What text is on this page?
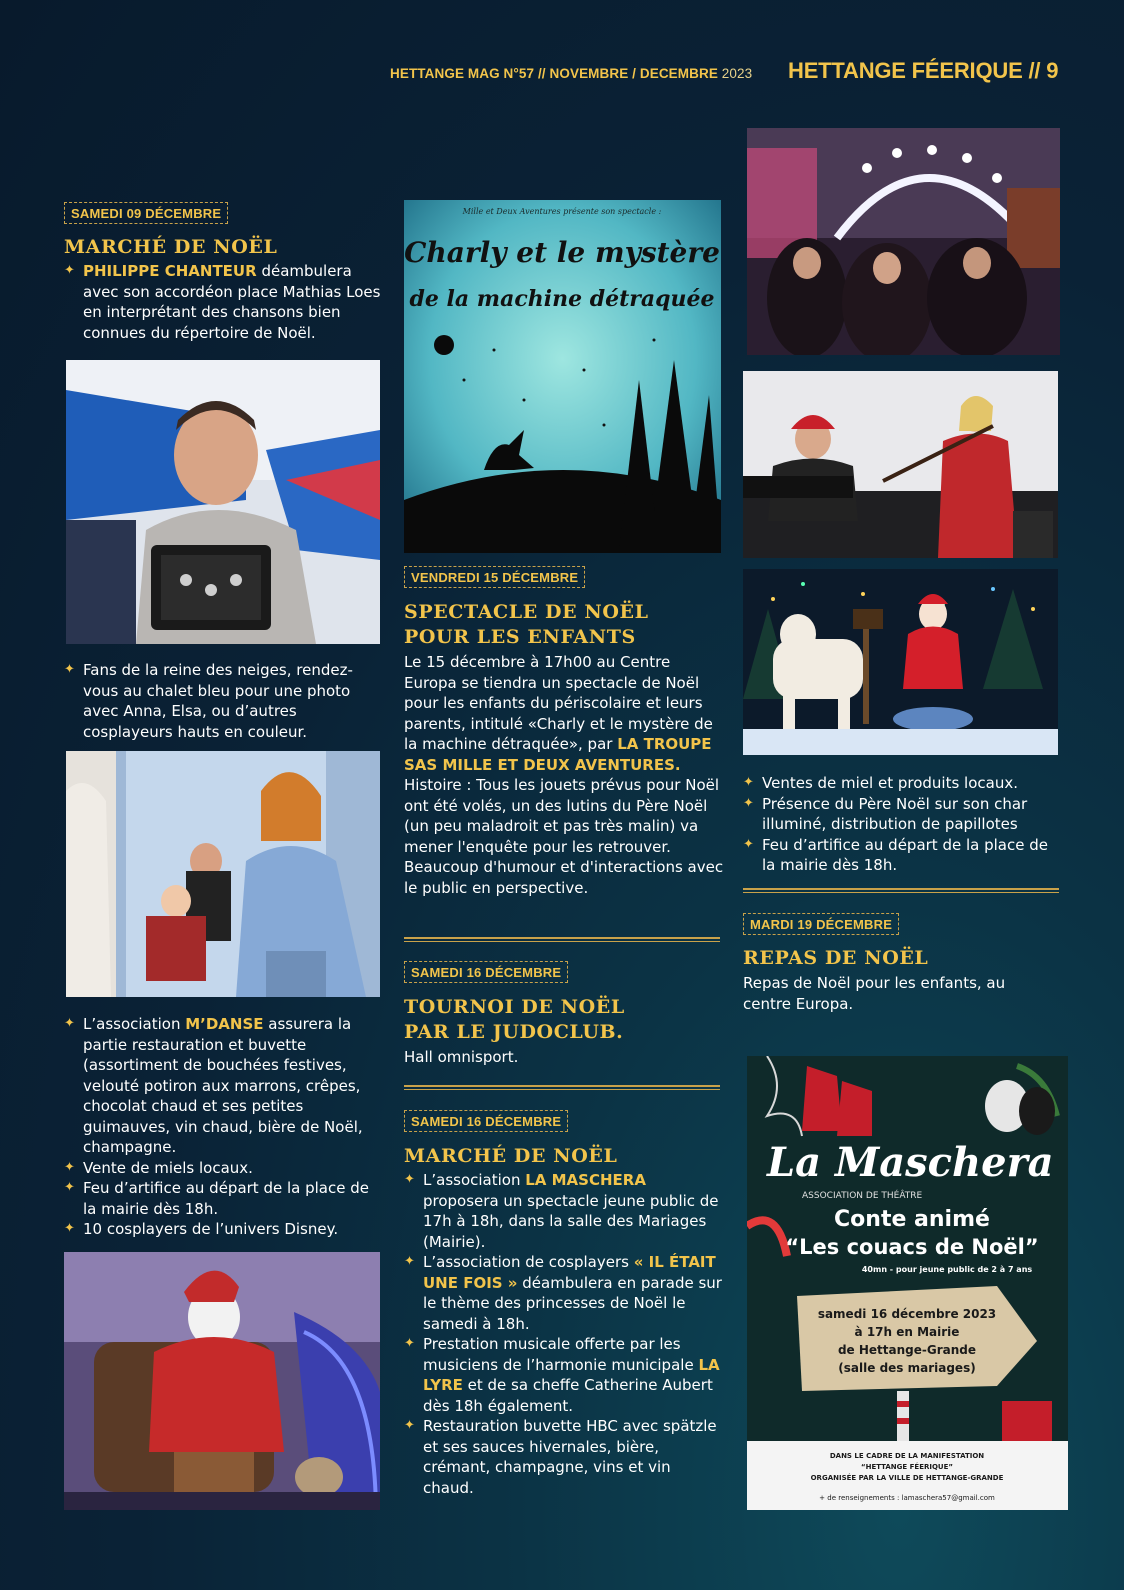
HETTANGE MAG N°57 // NOVEMBRE / DECEMBRE 2023 HETTANGE FÉERIQUE // 9
SAMEDI 09 DÉCEMBRE
MARCHÉ DE NOËL
✦ PHILIPPE CHANTEUR déambulera avec son accordéon place Mathias Loes en interprétant des chansons bien connues du répertoire de Noël.
✦ Fans de la reine des neiges, rendez-vous au chalet bleu pour une photo avec Anna, Elsa, ou d’autres cosplayeurs hauts en couleur.
✦ L’association M’DANSE assurera la partie restauration et buvette (assortiment de bouchées festives, velouté potiron aux marrons, crêpes, chocolat chaud et ses petites guimauves, vin chaud, bière de Noël, champagne.
✦ Vente de miels locaux.
✦ Feu d’artifice au départ de la place de la mairie dès 18h.
✦ 10 cosplayers de l’univers Disney.
Mille et Deux Aventures présente son spectacle :
Charly et le mystère
de la machine détraquée
VENDREDI 15 DÉCEMBRE
SPECTACLE DE NOËL POUR LES ENFANTS

Le 15 décembre à 17h00 au Centre Europa se tiendra un spectacle de Noël pour les enfants du périscolaire et leurs parents, intitulé «Charly et le mystère de la machine détraquée», par LA TROUPE SAS MILLE ET DEUX AVENTURES. Histoire : Tous les jouets prévus pour Noël ont été volés, un des lutins du Père Noël (un peu maladroit et pas très malin) va mener l'enquête pour les retrouver. Beaucoup d'humour et d'interactions avec le public en perspective.

SAMEDI 16 DÉCEMBRE
TOURNOI DE NOËL PAR LE JUDOCLUB.

Hall omnisport.

SAMEDI 16 DÉCEMBRE
MARCHÉ DE NOËL
✦ L’association LA MASCHERA proposera un spectacle jeune public de 17h à 18h, dans la salle des Mariages (Mairie).
✦ L’association de cosplayers « IL ÉTAIT UNE FOIS » déambulera en parade sur le thème des princesses de Noël le samedi à 18h.
✦ Prestation musicale offerte par les musiciens de l’harmonie municipale LA LYRE et de sa cheffe Catherine Aubert dès 18h également.
✦ Restauration buvette HBC avec spätzle et ses sauces hivernales, bière, crémant, champagne, vins et vin chaud.
✦ Ventes de miel et produits locaux.
✦ Présence du Père Noël sur son char illuminé, distribution de papillotes
✦ Feu d’artifice au départ de la place de la mairie dès 18h.
MARDI 19 DÉCEMBRE
REPAS DE NOËL

Repas de Noël pour les enfants, au centre Europa.

La Maschera
ASSOCIATION DE THÉÂTRE
Conte animé
“Les couacs de Noël”
40mn - pour jeune public de 2 à 7 ans
samedi 16 décembre 2023
à 17h en Mairie
de Hettange-Grande
(salle des mariages)
DANS LE CADRE DE LA MANIFESTATION
“HETTANGE FÉERIQUE”
ORGANISÉE PAR LA VILLE DE HETTANGE-GRANDE
+ de renseignements : lamaschera57@gmail.com
